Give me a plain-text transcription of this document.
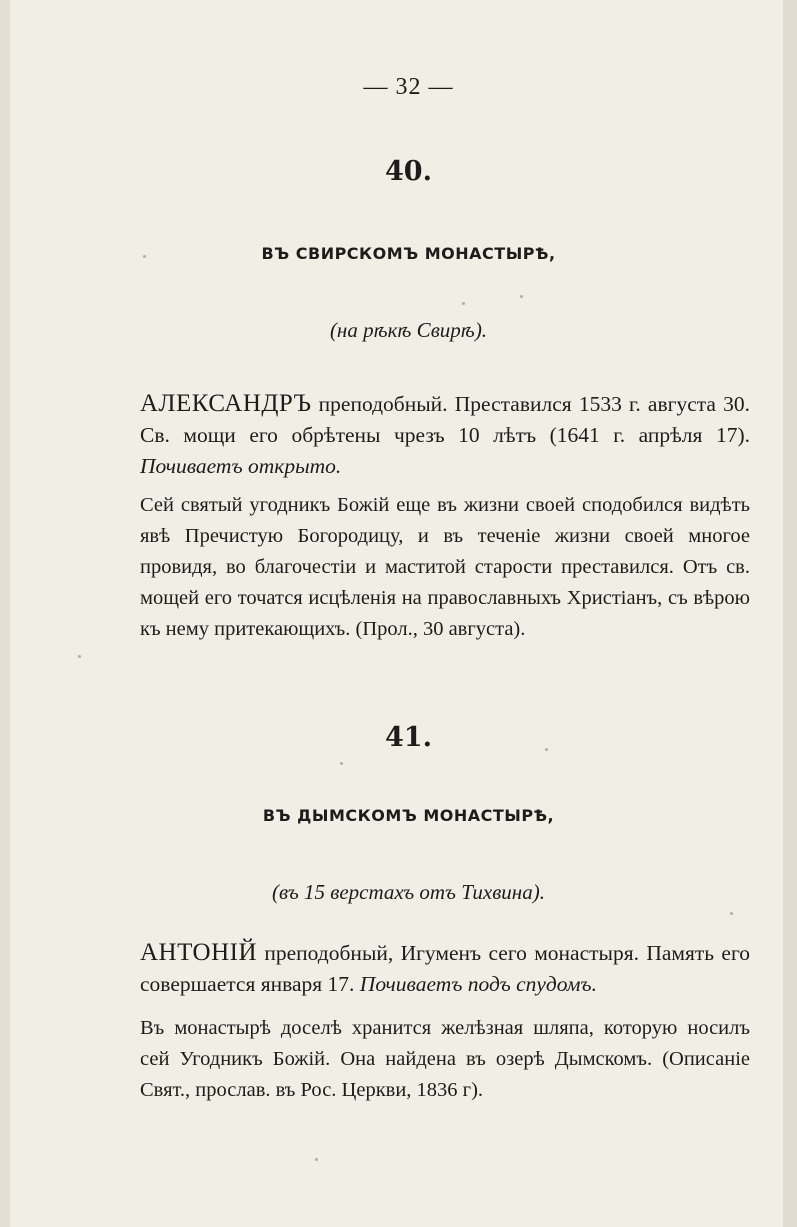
— 32 —
40.
ВЪ СВИРСКОМЪ МОНАСТЫРѢ,
(на рѣкѣ Свирѣ).
АЛЕКСАНДРЪ преподобный. Преставился 1533 г. августа 30. Св. мощи его обрѣтены чрезъ 10 лѣтъ (1641 г. апрѣля 17). Почиваетъ открыто.
Сей святый угодникъ Божій еще въ жизни своей сподобился видѣть явѣ Пречистую Богородицу, и въ теченіе жизни своей многое провидя, во благочестіи и маститой старости преставился. Отъ св. мощей его точатся исцѣленія на православныхъ Христіанъ, съ вѣрою къ нему притекающихъ. (Прол., 30 августа).
41.
ВЪ ДЫМСКОМЪ МОНАСТЫРѢ,
(въ 15 верстахъ отъ Тихвина).
АНТОНІЙ преподобный, Игуменъ сего монастыря. Память его совершается января 17. Почиваетъ подъ спудомъ.
Въ монастырѣ доселѣ хранится желѣзная шляпа, которую носилъ сей Угодникъ Божій. Она найдена въ озерѣ Дымскомъ. (Описаніе Свят., прослав. въ Рос. Церкви, 1836 г).
